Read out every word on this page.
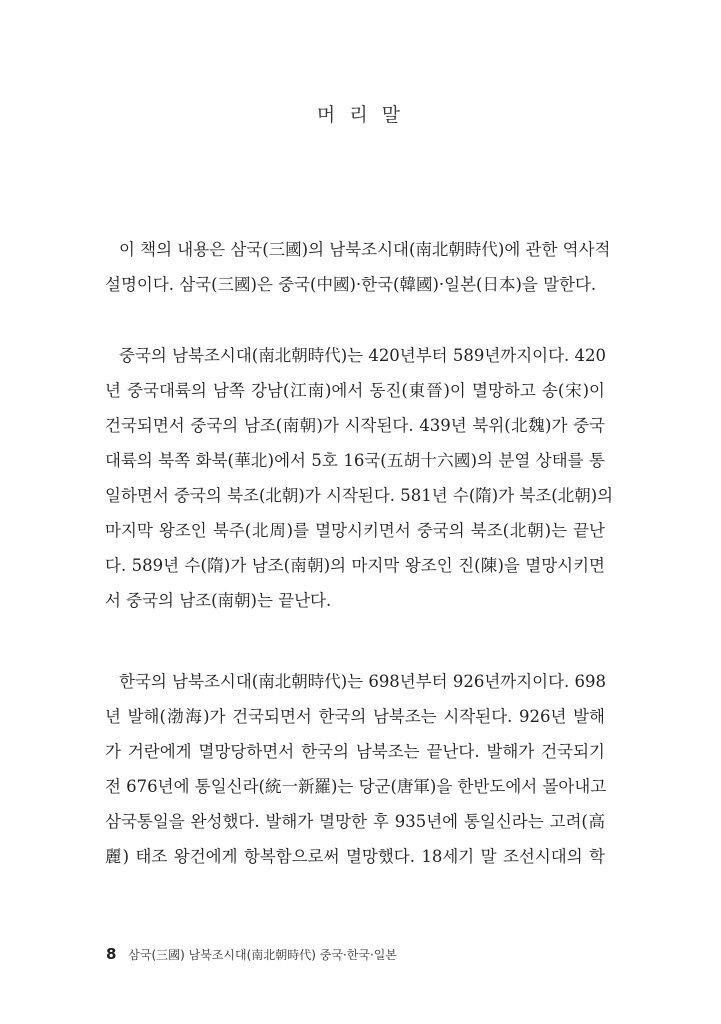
머 리 말
이 책의 내용은 삼국(三國)의 남북조시대(南北朝時代)에 관한 역사적
설명이다. 삼국(三國)은 중국(中國)·한국(韓國)·일본(日本)을 말한다.
중국의 남북조시대(南北朝時代)는 420년부터 589년까지이다. 420
년 중국대륙의 남쪽 강남(江南)에서 동진(東晉)이 멸망하고 송(宋)이
건국되면서 중국의 남조(南朝)가 시작된다. 439년 북위(北魏)가 중국
대륙의 북쪽 화북(華北)에서 5호 16국(五胡十六國)의 분열 상태를 통
일하면서 중국의 북조(北朝)가 시작된다. 581년 수(隋)가 북조(北朝)의
마지막 왕조인 북주(北周)를 멸망시키면서 중국의 북조(北朝)는 끝난
다. 589년 수(隋)가 남조(南朝)의 마지막 왕조인 진(陳)을 멸망시키면
서 중국의 남조(南朝)는 끝난다.
한국의 남북조시대(南北朝時代)는 698년부터 926년까지이다. 698
년 발해(渤海)가 건국되면서 한국의 남북조는 시작된다. 926년 발해
가 거란에게 멸망당하면서 한국의 남북조는 끝난다. 발해가 건국되기
전 676년에 통일신라(統一新羅)는 당군(唐軍)을 한반도에서 몰아내고
삼국통일을 완성했다. 발해가 멸망한 후 935년에 통일신라는 고려(高
麗) 태조 왕건에게 항복함으로써 멸망했다. 18세기 말 조선시대의 학
8 삼국(三國) 남북조시대(南北朝時代) 중국·한국·일본
